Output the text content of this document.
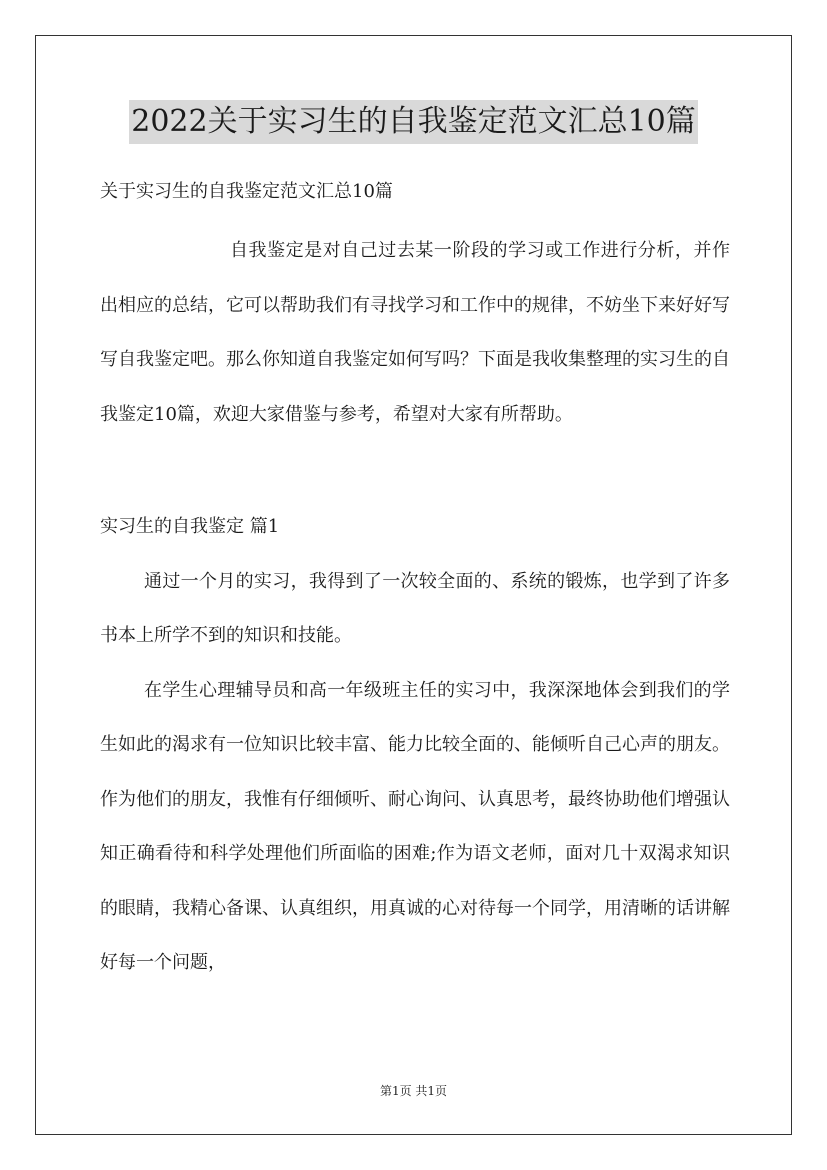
2022关于实习生的自我鉴定范文汇总10篇

关于实习生的自我鉴定范文汇总10篇

自我鉴定是对自己过去某一阶段的学习或工作进行分析，并作出相应的总结，它可以帮助我们有寻找学习和工作中的规律，不妨坐下来好好写写自我鉴定吧。那么你知道自我鉴定如何写吗？下面是我收集整理的实习生的自我鉴定10篇，欢迎大家借鉴与参考，希望对大家有所帮助。

实习生的自我鉴定 篇1

通过一个月的实习，我得到了一次较全面的、系统的锻炼，也学到了许多书本上所学不到的知识和技能。

在学生心理辅导员和高一年级班主任的实习中，我深深地体会到我们的学生如此的渴求有一位知识比较丰富、能力比较全面的、能倾听自己心声的朋友。作为他们的朋友，我惟有仔细倾听、耐心询问、认真思考，最终协助他们增强认知正确看待和科学处理他们所面临的困难;作为语文老师，面对几十双渴求知识的眼睛，我精心备课、认真组织，用真诚的心对待每一个同学，用清晰的话讲解好每一个问题，

第1页 共1页
